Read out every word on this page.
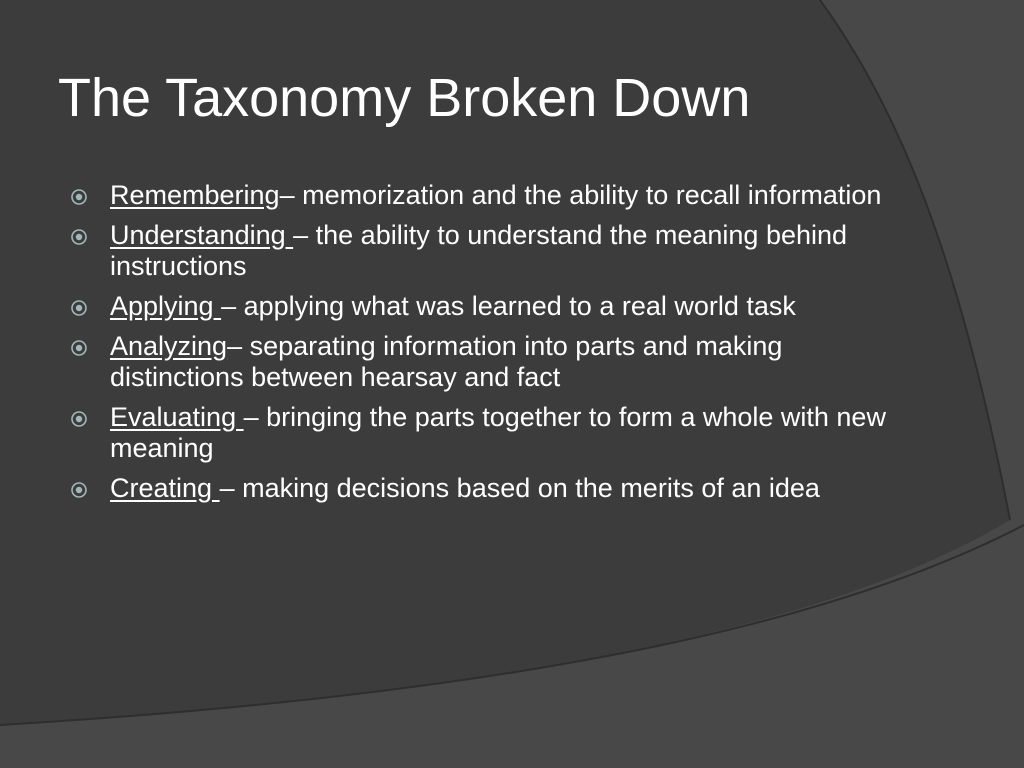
The Taxonomy Broken Down
Remembering– memorization and the ability to recall information
Understanding – the ability to understand the meaning behind instructions
Applying – applying what was learned to a real world task
Analyzing– separating information into parts and making distinctions between hearsay and fact
Evaluating – bringing the parts together to form a whole with new meaning
Creating – making decisions based on the merits of an idea
